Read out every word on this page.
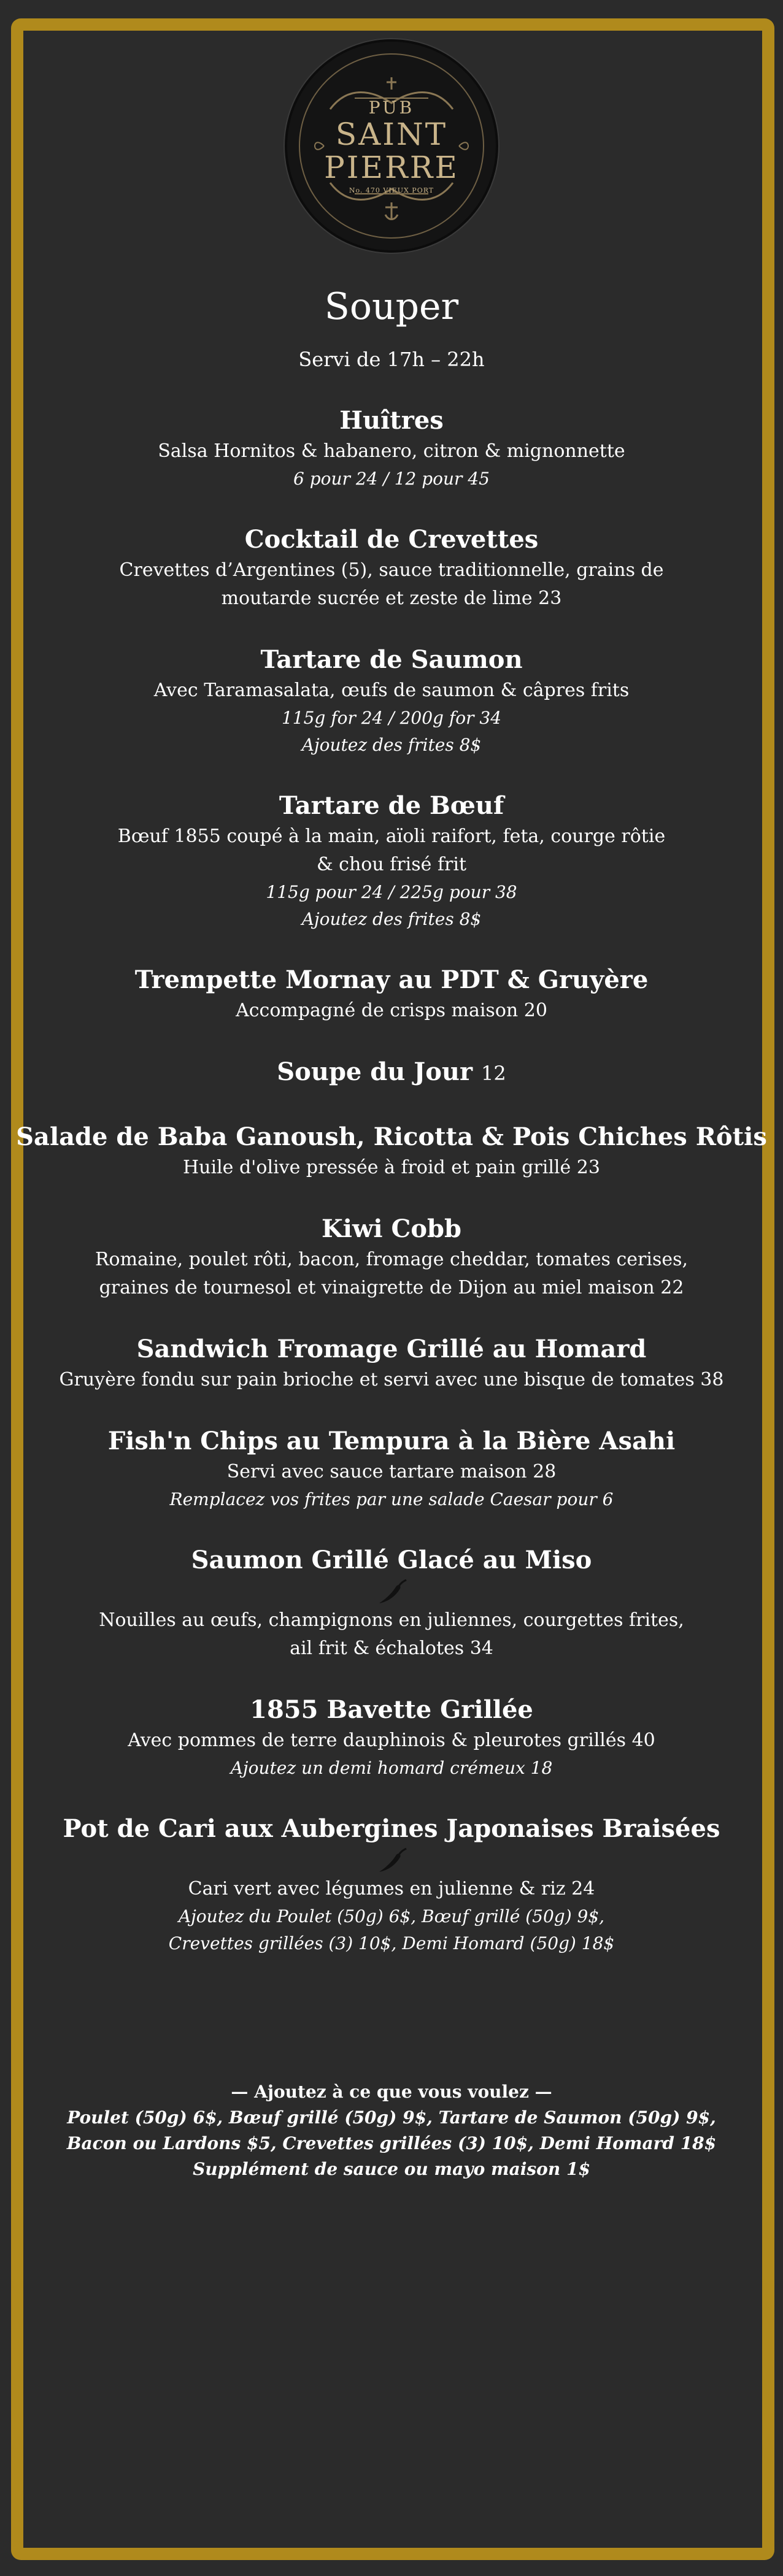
PUB
SAINT
PIERRE
No. 470 VIEUX PORT
Souper
Servi de 17h – 22h
Huîtres
Salsa Hornitos & habanero, citron & mignonnette
6 pour 24 / 12 pour 45
Cocktail de Crevettes
Crevettes d’Argentines (5), sauce traditionnelle, grains de
moutarde sucrée et zeste de lime 23
Tartare de Saumon
Avec Taramasalata, œufs de saumon & câpres frits
115g for 24 / 200g for 34
Ajoutez des frites 8$
Tartare de Bœuf
Bœuf 1855 coupé à la main, aïoli raifort, feta, courge rôtie
& chou frisé frit
115g pour 24 / 225g pour 38
Ajoutez des frites 8$
Trempette Mornay au PDT & Gruyère
Accompagné de crisps maison 20
Soupe du Jour 12
Salade de Baba Ganoush, Ricotta & Pois Chiches Rôtis
Huile d'olive pressée à froid et pain grillé 23
Kiwi Cobb
Romaine, poulet rôti, bacon, fromage cheddar, tomates cerises,
graines de tournesol et vinaigrette de Dijon au miel maison 22
Sandwich Fromage Grillé au Homard
Gruyère fondu sur pain brioche et servi avec une bisque de tomates 38
Fish'n Chips au Tempura à la Bière Asahi
Servi avec sauce tartare maison 28
Remplacez vos frites par une salade Caesar pour 6
Saumon Grillé Glacé au Miso
Nouilles au œufs, champignons en juliennes, courgettes frites,
ail frit & échalotes 34
1855 Bavette Grillée
Avec pommes de terre dauphinois & pleurotes grillés 40
Ajoutez un demi homard crémeux 18
Pot de Cari aux Aubergines Japonaises Braisées
Cari vert avec légumes en julienne & riz 24
Ajoutez du Poulet (50g) 6$, Bœuf grillé (50g) 9$,
Crevettes grillées (3) 10$, Demi Homard (50g) 18$
— Ajoutez à ce que vous voulez —
Poulet (50g) 6$, Bœuf grillé (50g) 9$, Tartare de Saumon (50g) 9$,
Bacon ou Lardons $5, Crevettes grillées (3) 10$, Demi Homard 18$
Supplément de sauce ou mayo maison 1$
